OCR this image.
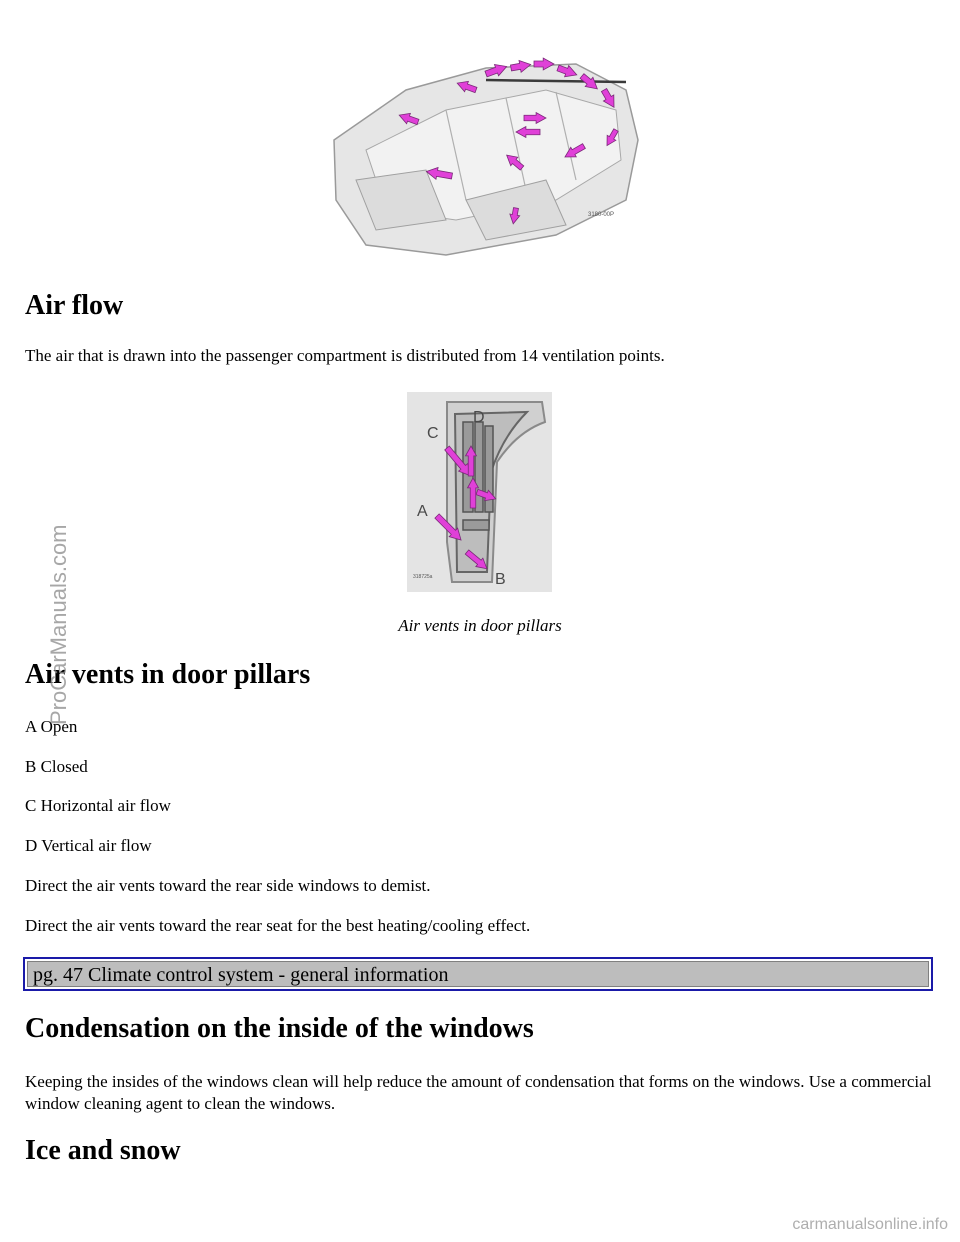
3180-00P
Air flow

The air that is drawn into the passenger compartment is distributed from 14 ventilation points.

C
D
A
B
318725a
Air vents in door pillars
Air vents in door pillars

A Open

B Closed

C Horizontal air flow

D Vertical air flow

Direct the air vents toward the rear side windows to demist.

Direct the air vents toward the rear seat for the best heating/cooling effect.

pg. 47 Climate control system - general information
Condensation on the inside of the windows

Keeping the insides of the windows clean will help reduce the amount of condensation that forms on the windows. Use a commercial window cleaning agent to clean the windows.

Ice and snow
ProCarManuals.com
carmanualsonline.info
